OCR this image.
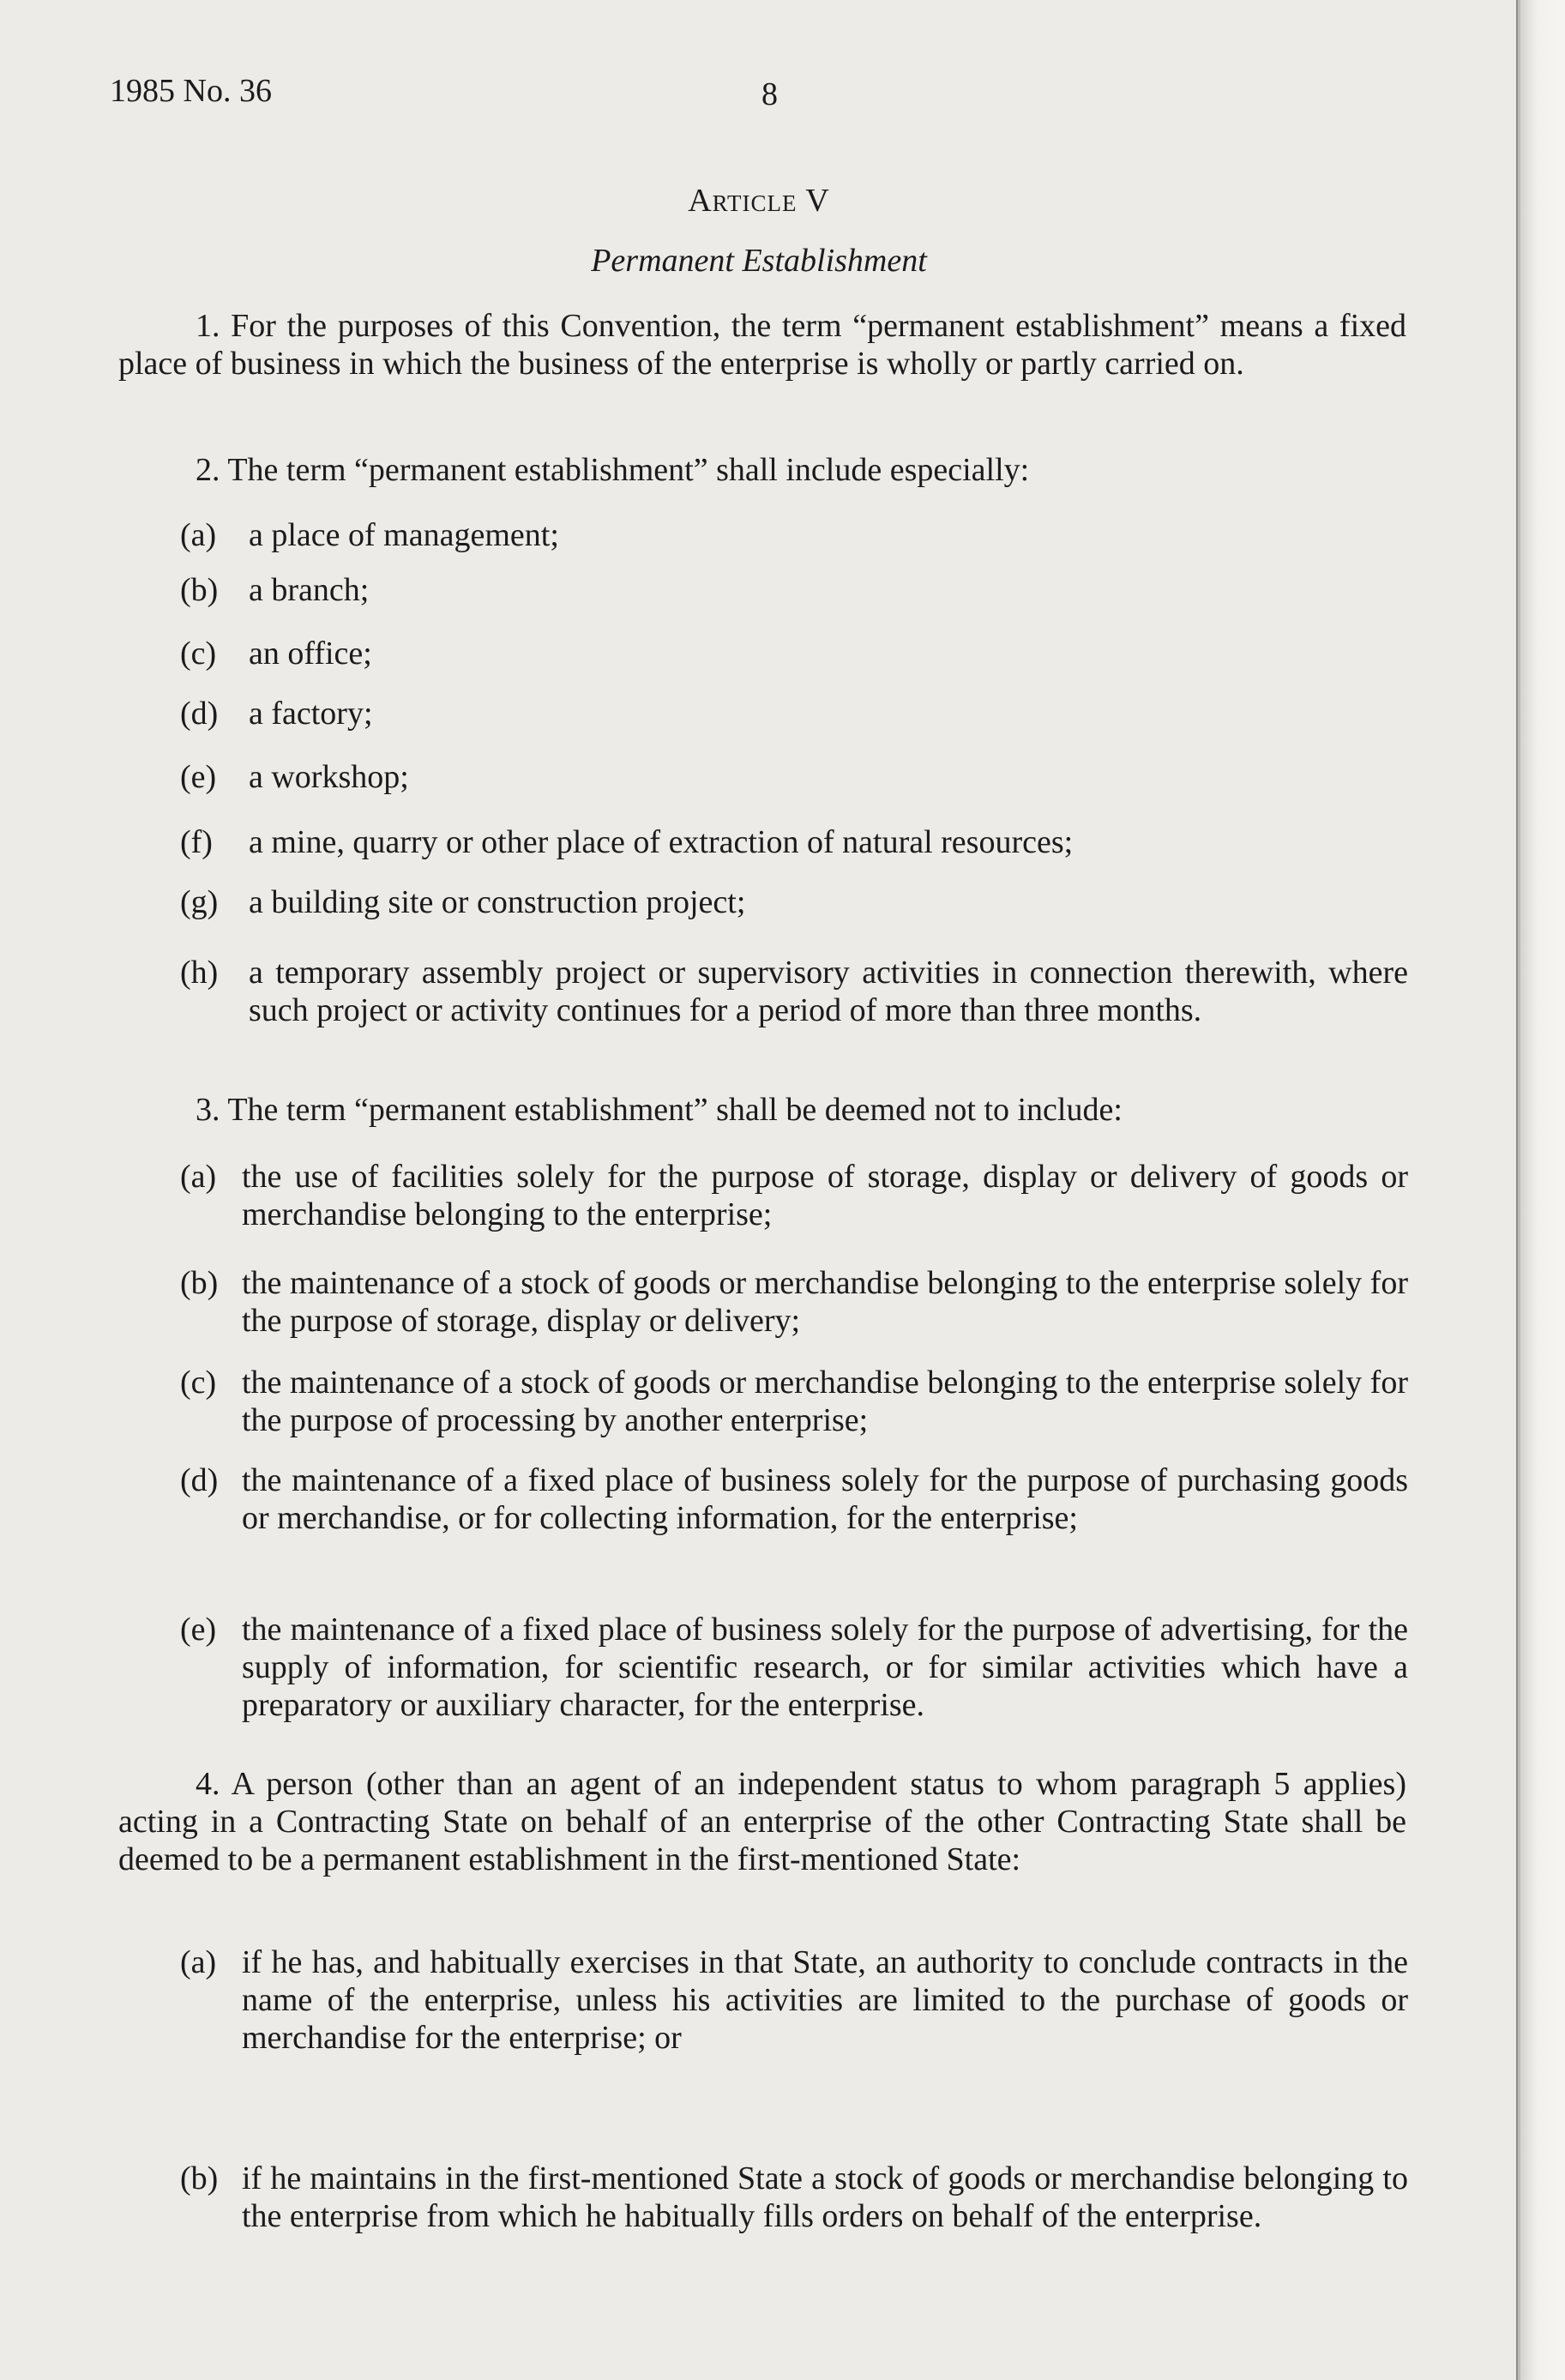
1985 No. 36	8
Article V
Permanent Establishment
1. For the purposes of this Convention, the term “permanent establishment” means a fixed place of business in which the business of the enterprise is wholly or partly carried on.
2. The term “permanent establishment” shall include especially:
(a) a place of management;
(b) a branch;
(c) an office;
(d) a factory;
(e) a workshop;
(f) a mine, quarry or other place of extraction of natural resources;
(g) a building site or construction project;
(h) a temporary assembly project or supervisory activities in connection therewith, where such project or activity continues for a period of more than three months.
3. The term “permanent establishment” shall be deemed not to include:
(a) the use of facilities solely for the purpose of storage, display or delivery of goods or merchandise belonging to the enterprise;
(b) the maintenance of a stock of goods or merchandise belonging to the enterprise solely for the purpose of storage, display or delivery;
(c) the maintenance of a stock of goods or merchandise belonging to the enterprise solely for the purpose of processing by another enterprise;
(d) the maintenance of a fixed place of business solely for the purpose of purchasing goods or merchandise, or for collecting information, for the enterprise;
(e) the maintenance of a fixed place of business solely for the purpose of advertising, for the supply of information, for scientific research, or for similar activities which have a preparatory or auxiliary character, for the enterprise.
4. A person (other than an agent of an independent status to whom paragraph 5 applies) acting in a Contracting State on behalf of an enterprise of the other Contracting State shall be deemed to be a permanent establishment in the first-mentioned State:
(a) if he has, and habitually exercises in that State, an authority to conclude contracts in the name of the enterprise, unless his activities are limited to the purchase of goods or merchandise for the enterprise; or
(b) if he maintains in the first-mentioned State a stock of goods or merchandise belonging to the enterprise from which he habitually fills orders on behalf of the enterprise.
